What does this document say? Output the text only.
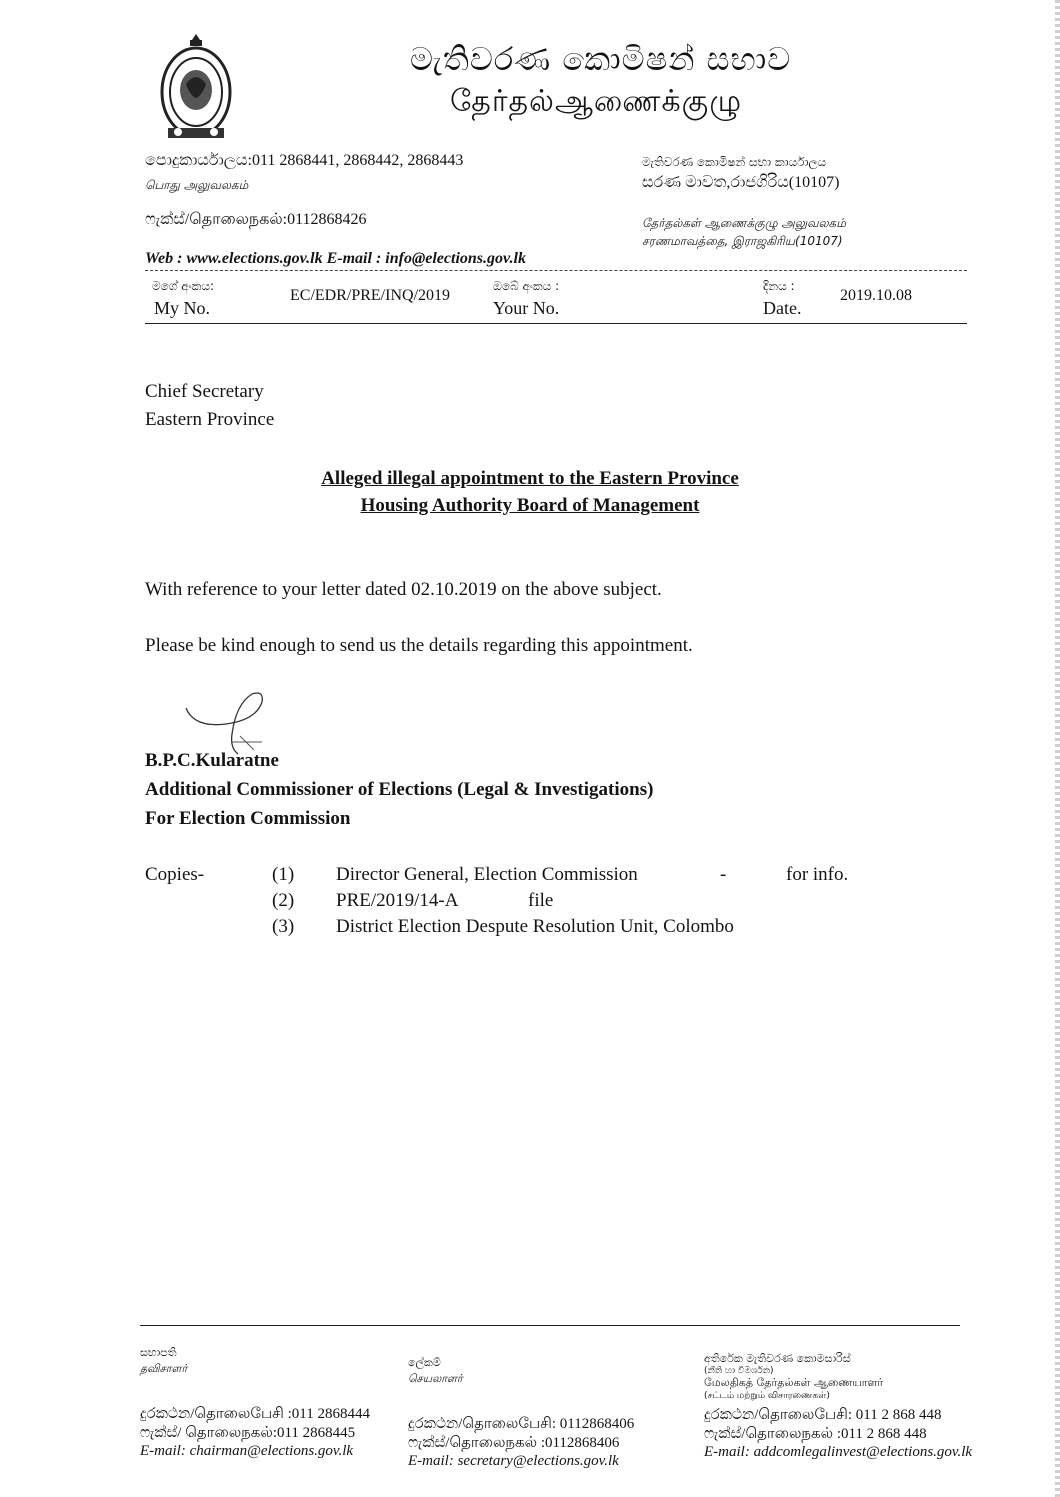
මැතිවරණ කොමිෂන් සභාව
தேர்தல்ஆணைக்குழு
පොදුකාර්යාලය:011 2868441, 2868442, 2868443
பொது அலுவலகம்
ෆැක්ස්/தொலைநகல்:0112868426
මැතිවරණ කොමිෂන් සභා කාර්යාලය
සරණ මාවත,රාජගිරිය(10107)
தேர்தல்கள் ஆணைக்குழு அலுவலகம்
சரணமாவத்தை, இராஜகிரிய(10107)
Web : www.elections.gov.lk E-mail : info@elections.gov.lk
මගේ අංකය:
My No.
EC/EDR/PRE/INQ/2019
ඔබේ අංකය :
Your No.
දිනය :
Date.
2019.10.08
Chief Secretary
Eastern Province
Alleged illegal appointment to the Eastern Province
Housing Authority Board of Management
With reference to your letter dated 02.10.2019 on the above subject.
Please be kind enough to send us the details regarding this appointment.
B.P.C.Kularatne
Additional Commissioner of Elections (Legal & Investigations)
For Election Commission
Copies-	(1) Director General, Election Commission	-	for info.
(2) PRE/2019/14-A	file
(3) District Election Despute Resolution Unit, Colombo
සභාපති
தவிசாளர்
දුරකථන/தொலைபேசி :011 2868444
ෆැක්ස්/ தொலைநகல்:011 2868445
E-mail: chairman@elections.gov.lk
ලේකම්
செயலாளர்
දුරකථන/தொலைபேசி: 0112868406
ෆැක්ස්/தொலைநகல் :0112868406
E-mail: secretary@elections.gov.lk
අතිරේක මැතිවරණ කොමසාරිස්
(නීති හා විමර්ශන)
மேலதிகத் தேர்தல்கள் ஆணையாளர்
(சட்டம் மற்றும் விசாரணைகள்)
දුරකථන/தொலைபேசி: 011 2 868 448
ෆැක්ස්/தொலைநகல் :011 2 868 448
E-mail: addcomlegalinvest@elections.gov.lk
